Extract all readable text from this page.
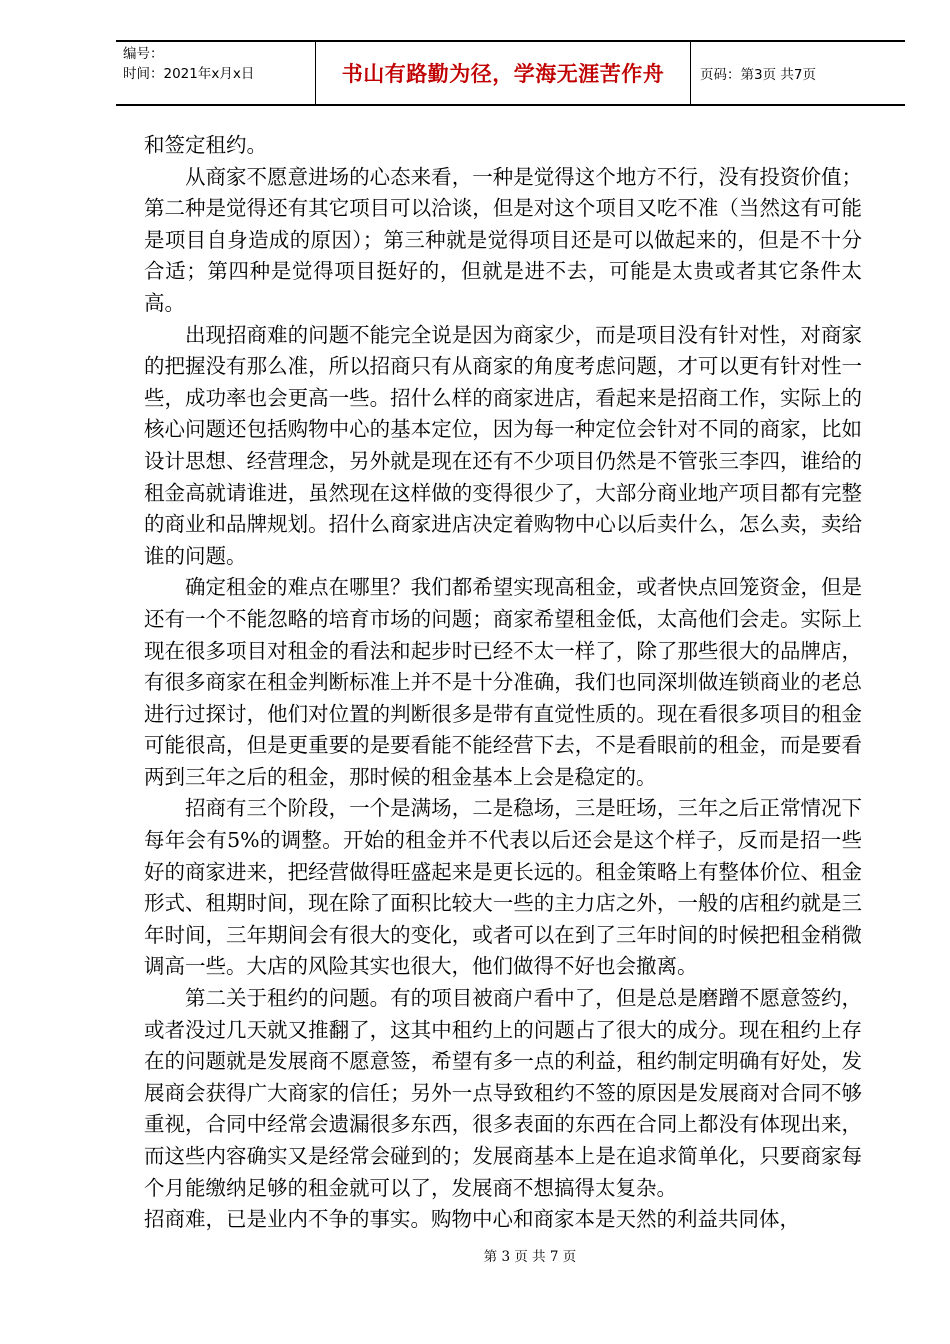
编号：
时间：2021年x月x日	书山有路勤为径，学海无涯苦作舟	页码：第3页 共7页

和签定租约。

从商家不愿意进场的心态来看，一种是觉得这个地方不行，没有投资价值；第二种是觉得还有其它项目可以洽谈，但是对这个项目又吃不准（当然这有可能是项目自身造成的原因）；第三种就是觉得项目还是可以做起来的，但是不十分合适；第四种是觉得项目挺好的，但就是进不去，可能是太贵或者其它条件太高。

出现招商难的问题不能完全说是因为商家少，而是项目没有针对性，对商家的把握没有那么准，所以招商只有从商家的角度考虑问题，才可以更有针对性一些，成功率也会更高一些。招什么样的商家进店，看起来是招商工作，实际上的核心问题还包括购物中心的基本定位，因为每一种定位会针对不同的商家，比如设计思想、经营理念，另外就是现在还有不少项目仍然是不管张三李四，谁给的租金高就请谁进，虽然现在这样做的变得很少了，大部分商业地产项目都有完整的商业和品牌规划。招什么商家进店决定着购物中心以后卖什么，怎么卖，卖给谁的问题。

确定租金的难点在哪里？我们都希望实现高租金，或者快点回笼资金，但是还有一个不能忽略的培育市场的问题；商家希望租金低，太高他们会走。实际上现在很多项目对租金的看法和起步时已经不太一样了，除了那些很大的品牌店，有很多商家在租金判断标准上并不是十分准确，我们也同深圳做连锁商业的老总进行过探讨，他们对位置的判断很多是带有直觉性质的。现在看很多项目的租金可能很高，但是更重要的是要看能不能经营下去，不是看眼前的租金，而是要看两到三年之后的租金，那时候的租金基本上会是稳定的。

招商有三个阶段，一个是满场，二是稳场，三是旺场，三年之后正常情况下每年会有5%的调整。开始的租金并不代表以后还会是这个样子，反而是招一些好的商家进来，把经营做得旺盛起来是更长远的。租金策略上有整体价位、租金形式、租期时间，现在除了面积比较大一些的主力店之外，一般的店租约就是三年时间，三年期间会有很大的变化，或者可以在到了三年时间的时候把租金稍微调高一些。大店的风险其实也很大，他们做得不好也会撤离。

第二关于租约的问题。有的项目被商户看中了，但是总是磨蹭不愿意签约，或者没过几天就又推翻了，这其中租约上的问题占了很大的成分。现在租约上存在的问题就是发展商不愿意签，希望有多一点的利益，租约制定明确有好处，发展商会获得广大商家的信任；另外一点导致租约不签的原因是发展商对合同不够重视，合同中经常会遗漏很多东西，很多表面的东西在合同上都没有体现出来，而这些内容确实又是经常会碰到的；发展商基本上是在追求简单化，只要商家每个月能缴纳足够的租金就可以了，发展商不想搞得太复杂。

招商难，已是业内不争的事实。购物中心和商家本是天然的利益共同体，

第 3 页 共 7 页
